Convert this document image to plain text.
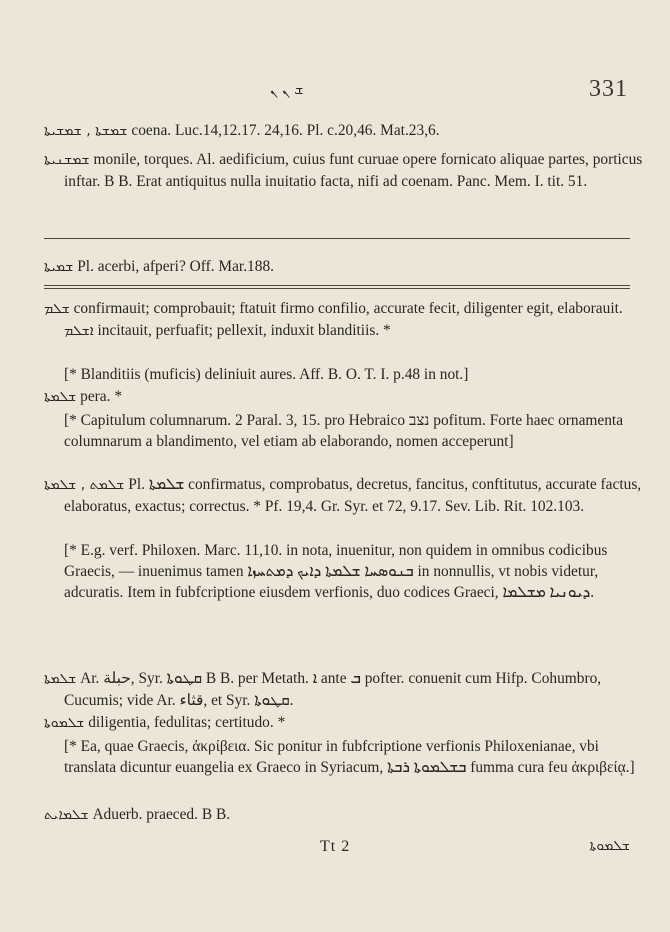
ܫ ܢ ܢ	331
ܫܡܫܬܐ , ܫܡܫܝܬܐ coena. Luc.14,12.17. 24,16. Pl. c.20,46. Mat.23,6.
ܫܡܫܢܝܬܐ monile, torques. Al. aedificium, cuius funt curuae opere fornicato aliquae partes, porticus inftar. B B. Erat antiquitus nulla inuitatio facta, nifi ad coenam. Panc. Mem. I. tit. 51.
ܫܡܝܬܐ Pl. acerbi, afperi? Off. Mar.188.
ܫܠܡ confirmauit; comprobauit; ftatuit firmo confilio, accurate fecit, diligenter egit, elaborauit. ܐܫܠܡ incitauit, perfuafit; pellexit, induxit blanditiis. *
[* Blanditiis (muficis) deliniuit aures. Aff. B. O. T. I. p.48 in not.]
ܫܠܡܬܐ pera. *
[* Capitulum columnarum. 2 Paral. 3, 15. pro Hebraico נצב pofitum. Forte haec ornamenta columnarum a blandimento, vel etiam ab elaborando, nomen acceperunt]
ܫܠܡܬ , ܫܠܡܬܐ Pl. ܫܠܡܬܐ confirmatus, comprobatus, decretus, fancitus, conftitutus, accurate factus, elaboratus, exactus; correctus. * Pf. 19,4. Gr. Syr. et 72, 9.17. Sev. Lib. Rit. 102.103.
[* E.g. verf. Philoxen. Marc. 11,10. in nota, inuenitur, non quidem in omnibus codicibus Graecis, — inuenimus tamen ܒܢܘܣܚܐ ܫܠܡܬܐ ܕܐܝܟ ܕܡܬܚܙܐ in nonnullis, vt nobis videtur, adcuratis. Item in fubfcriptione eiusdem verfionis, duo codices Graeci, ܕܝܘܢܝܐ ܡܫܠܡܐ.
ܫܠܡܬܐ Ar. حبلة, Syr. ܩܛܘܬܐ B B. per Metath. ܐ ante ܒ pofter. conuenit cum Hifp. Cohumbro, Cucumis; vide Ar. قثاء, et Syr. ܩܛܘܬܐ.
ܫܠܡܘܬܐ diligentia, fedulitas; certitudo. *
[* Ea, quae Graecis, ἀκρίβεια. Sic ponitur in fubfcriptione verfionis Philoxenianae, vbi translata dicuntur euangelia ex Graeco in Syriacum, ܒܫܠܡܘܬܐ ܪܒܬܐ fumma cura feu ἀκριβείᾳ.]
ܫܠܡܐܝܬ Aduerb. praeced. B B.
Tt 2	ܫܠܡܘܬܐ
